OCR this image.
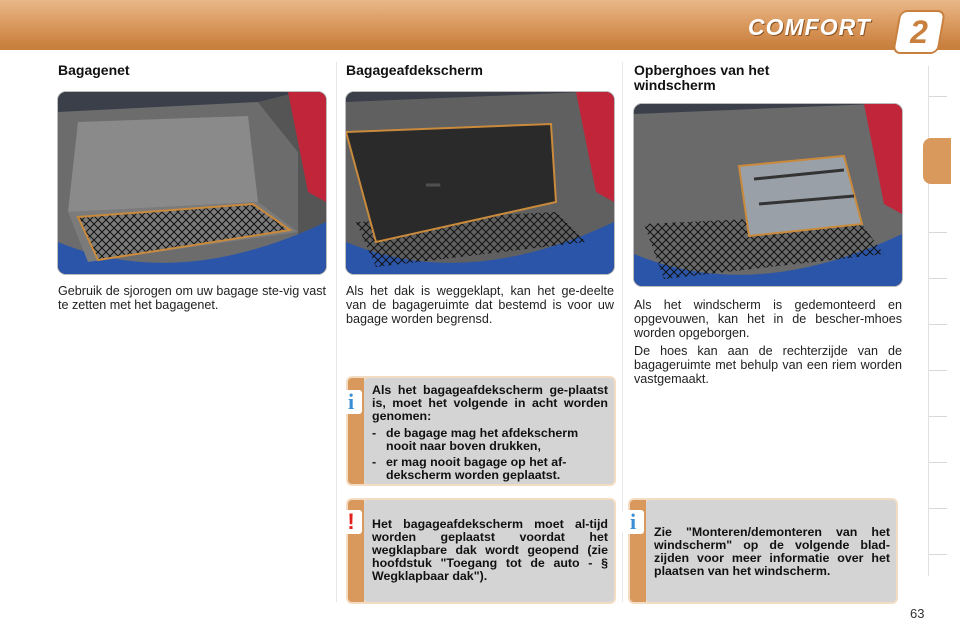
COMFORT	2
Bagagenet
Gebruik de sjorogen om uw bagage ste-vig vast te zetten met het bagagenet.
Bagageafdekscherm
══
Als het dak is weggeklapt, kan het ge-deelte van de bagageruimte dat bestemd is voor uw bagage worden begrensd.
i	Als het bagageafdekscherm ge-plaatst is, moet het volgende in acht worden genomen:

- de bagage mag het afdekscherm nooit naar boven drukken,
- er mag nooit bagage op het af-dekscherm worden geplaatst.
!	Het bagageafdekscherm moet al-tijd worden geplaatst voordat het wegklapbare dak wordt geopend (zie hoofdstuk "Toegang tot de auto - § Wegklapbaar dak").

Opberghoes van het windscherm

Als het windscherm is gedemonteerd en opgevouwen, kan het in de bescher-mhoes worden opgeborgen.

De hoes kan aan de rechterzijde van de bagageruimte met behulp van een riem worden vastgemaakt.

i	Zie "Monteren/demonteren van het windscherm" op de volgende blad-zijden voor meer informatie over het plaatsen van het windscherm.

63
